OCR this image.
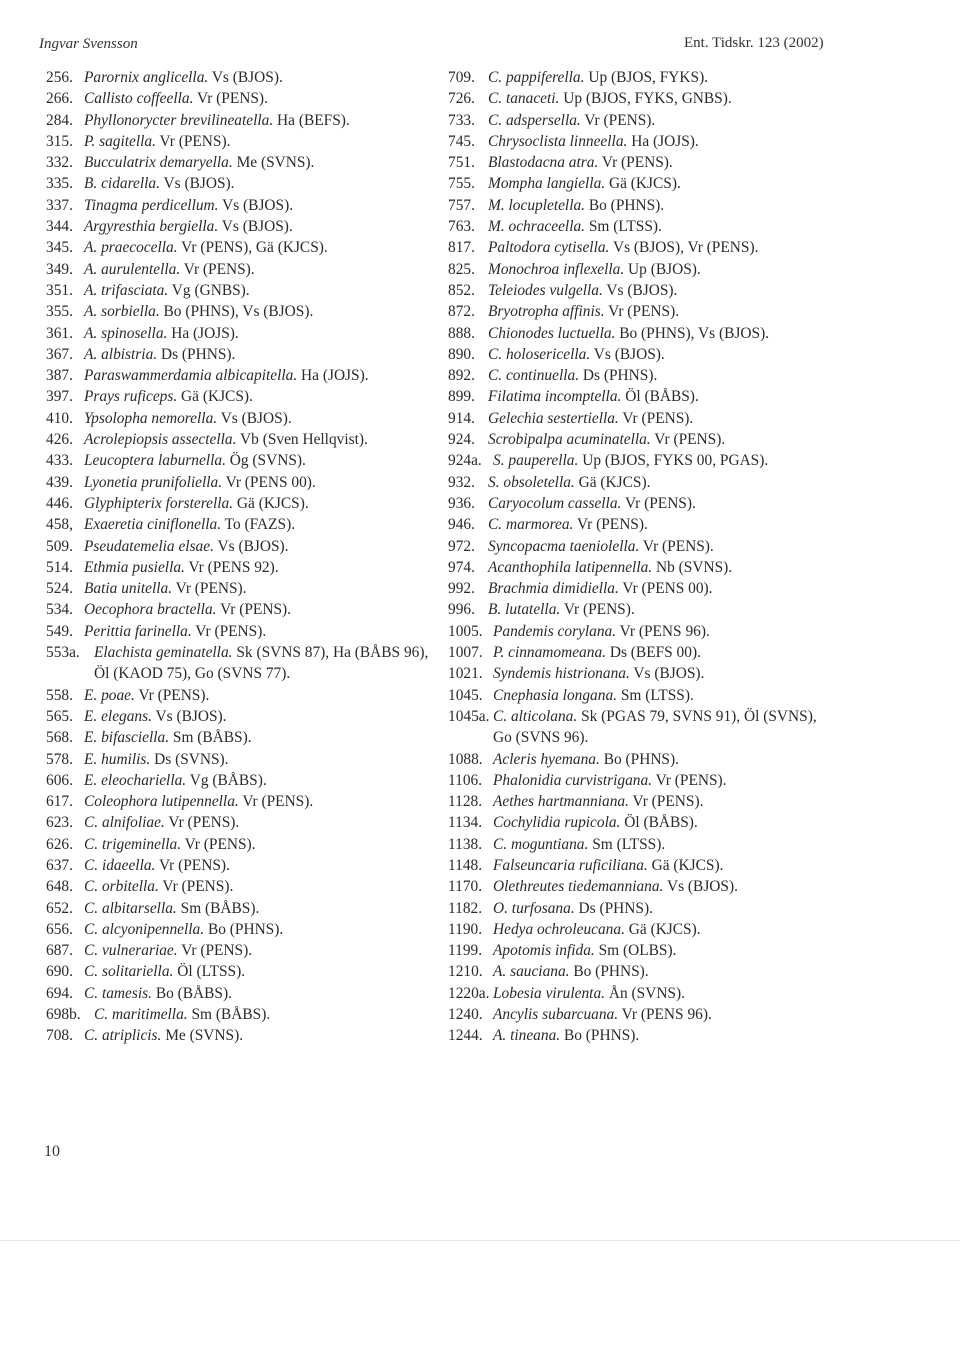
Ingvar Svensson	Ent. Tidskr. 123 (2002)
256. Parornix anglicella. Vs (BJOS).
266. Callisto coffeella. Vr (PENS).
284. Phyllonorycter brevilineatella. Ha (BEFS).
315. P. sagitella. Vr (PENS).
332. Bucculatrix demaryella. Me (SVNS).
335. B. cidarella. Vs (BJOS).
337. Tinagma perdicellum. Vs (BJOS).
344. Argyresthia bergiella. Vs (BJOS).
345. A. praecocella. Vr (PENS), Gä (KJCS).
349. A. aurulentella. Vr (PENS).
351. A. trifasciata. Vg (GNBS).
355. A. sorbiella. Bo (PHNS), Vs (BJOS).
361. A. spinosella. Ha (JOJS).
367. A. albistria. Ds (PHNS).
387. Paraswammerdamia albicapitella. Ha (JOJS).
397. Prays ruficeps. Gä (KJCS).
410. Ypsolopha nemorella. Vs (BJOS).
426. Acrolepiopsis assectella. Vb (Sven Hellqvist).
433. Leucoptera laburnella. Ög (SVNS).
439. Lyonetia prunifoliella. Vr (PENS 00).
446. Glyphipterix forsterella. Gä (KJCS).
458, Exaeretia ciniflonella. To (FAZS).
509. Pseudatemelia elsae. Vs (BJOS).
514. Ethmia pusiella. Vr (PENS 92).
524. Batia unitella. Vr (PENS).
534. Oecophora bractella. Vr (PENS).
549. Perittia farinella. Vr (PENS).
553a. Elachista geminatella. Sk (SVNS 87), Ha (BÅBS 96), Öl (KAOD 75), Go (SVNS 77).
558. E. poae. Vr (PENS).
565. E. elegans. Vs (BJOS).
568. E. bifasciella. Sm (BÅBS).
578. E. humilis. Ds (SVNS).
606. E. eleochariella. Vg (BÅBS).
617. Coleophora lutipennella. Vr (PENS).
623. C. alnifoliae. Vr (PENS).
626. C. trigeminella. Vr (PENS).
637. C. idaeella. Vr (PENS).
648. C. orbitella. Vr (PENS).
652. C. albitarsella. Sm (BÅBS).
656. C. alcyonipennella. Bo (PHNS).
687. C. vulnerariae. Vr (PENS).
690. C. solitariella. Öl (LTSS).
694. C. tamesis. Bo (BÅBS).
698b. C. maritimella. Sm (BÅBS).
708. C. atriplicis. Me (SVNS).
709. C. pappiferella. Up (BJOS, FYKS).
726. C. tanaceti. Up (BJOS, FYKS, GNBS).
733. C. adspersella. Vr (PENS).
745. Chrysoclista linneella. Ha (JOJS).
751. Blastodacna atra. Vr (PENS).
755. Mompha langiella. Gä (KJCS).
757. M. locupletella. Bo (PHNS).
763. M. ochraceella. Sm (LTSS).
817. Paltodora cytisella. Vs (BJOS), Vr (PENS).
825. Monochroa inflexella. Up (BJOS).
852. Teleiodes vulgella. Vs (BJOS).
872. Bryotropha affinis. Vr (PENS).
888. Chionodes luctuella. Bo (PHNS), Vs (BJOS).
890. C. holosericella. Vs (BJOS).
892. C. continuella. Ds (PHNS).
899. Filatima incomptella. Öl (BÅBS).
914. Gelechia sestertiella. Vr (PENS).
924. Scrobipalpa acuminatella. Vr (PENS).
924a. S. pauperella. Up (BJOS, FYKS 00, PGAS).
932. S. obsoletella. Gä (KJCS).
936. Caryocolum cassella. Vr (PENS).
946. C. marmorea. Vr (PENS).
972. Syncopacma taeniolella. Vr (PENS).
974. Acanthophila latipennella. Nb (SVNS).
992. Brachmia dimidiella. Vr (PENS 00).
996. B. lutatella. Vr (PENS).
1005. Pandemis corylana. Vr (PENS 96).
1007. P. cinnamomeana. Ds (BEFS 00).
1021. Syndemis histrionana. Vs (BJOS).
1045. Cnephasia longana. Sm (LTSS).
1045a. C. alticolana. Sk (PGAS 79, SVNS 91), Öl (SVNS), Go (SVNS 96).
1088. Acleris hyemana. Bo (PHNS).
1106. Phalonidia curvistrigana. Vr (PENS).
1128. Aethes hartmanniana. Vr (PENS).
1134. Cochylidia rupicola. Öl (BÅBS).
1138. C. moguntiana. Sm (LTSS).
1148. Falseuncaria ruficiliana. Gä (KJCS).
1170. Olethreutes tiedemanniana. Vs (BJOS).
1182. O. turfosana. Ds (PHNS).
1190. Hedya ochroleucana. Gä (KJCS).
1199. Apotomis infida. Sm (OLBS).
1210. A. sauciana. Bo (PHNS).
1220a. Lobesia virulenta. Ån (SVNS).
1240. Ancylis subarcuana. Vr (PENS 96).
1244. A. tineana. Bo (PHNS).
10
